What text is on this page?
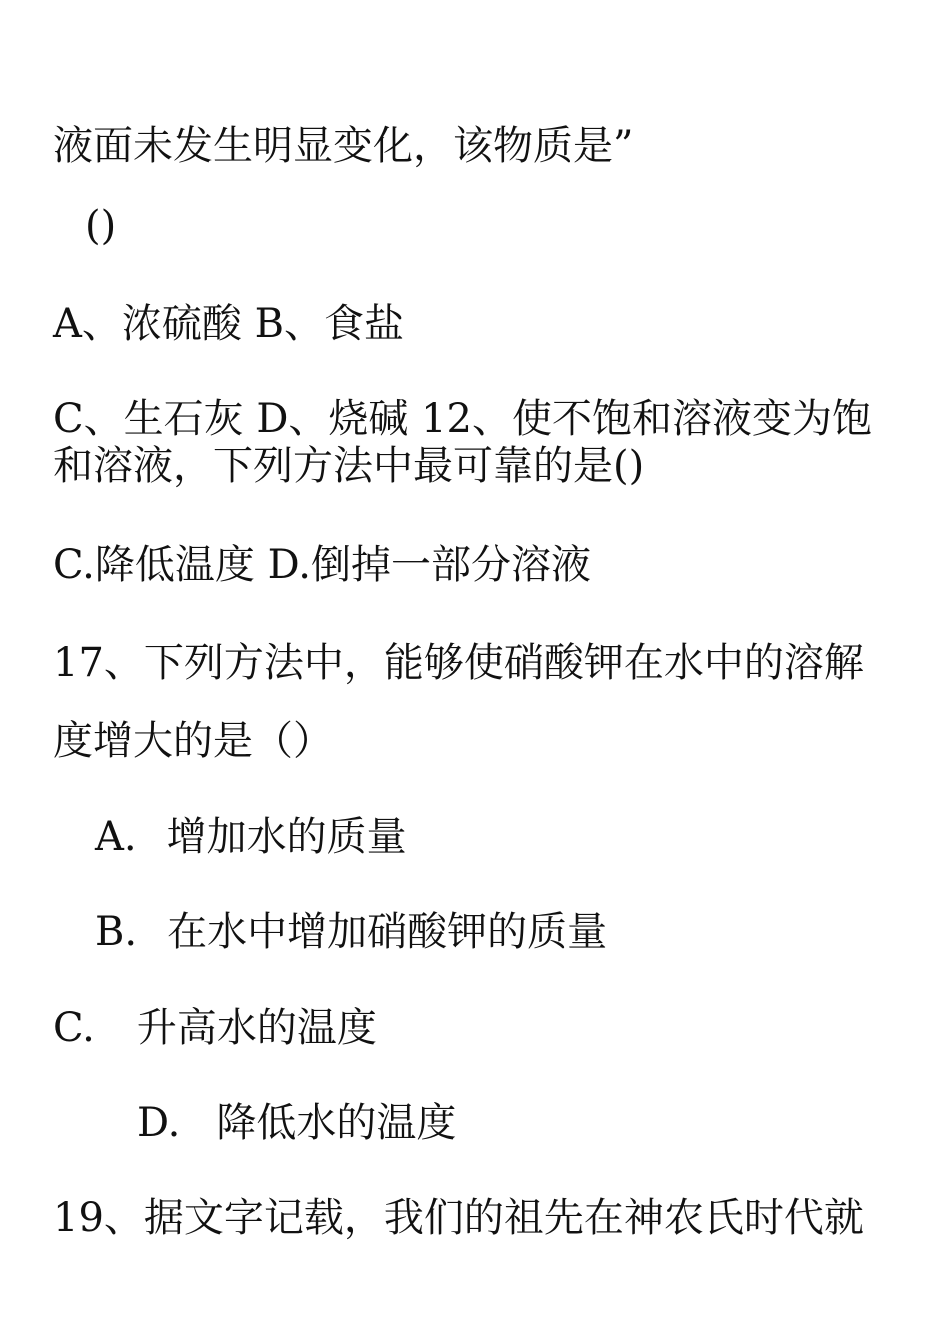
液面未发生明显变化，该物质是”

()

A、浓硫酸 B、食盐

C、生石灰 D、烧碱 12、使不饱和溶液变为饱

和溶液，下列方法中最可靠的是()

C.降低温度 D.倒掉一部分溶液

17、下列方法中，能够使硝酸钾在水中的溶解

度增大的是（）

A. 增加水的质量

B. 在水中增加硝酸钾的质量

C. 升高水的温度

D. 降低水的温度

19、据文字记载，我们的祖先在神农氏时代就
